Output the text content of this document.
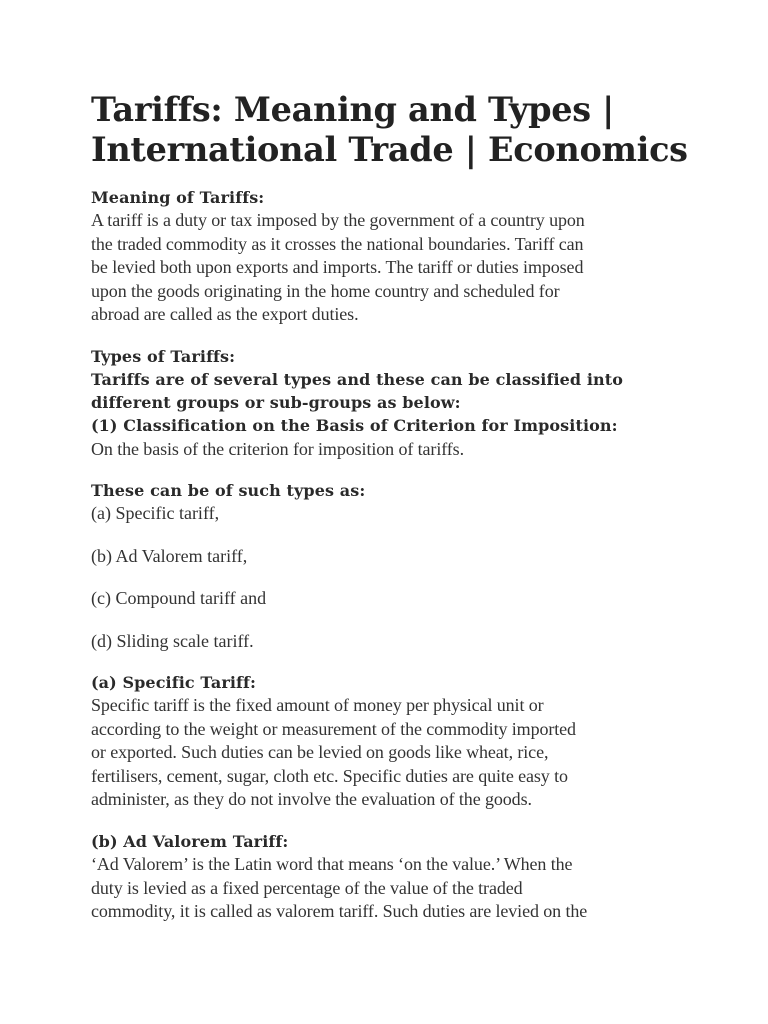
Tariffs: Meaning and Types |
International Trade | Economics
Meaning of Tariffs:
A tariff is a duty or tax imposed by the government of a country upon
the traded commodity as it crosses the national boundaries. Tariff can
be levied both upon exports and imports. The tariff or duties imposed
upon the goods originating in the home country and scheduled for
abroad are called as the export duties.
Types of Tariffs:
Tariffs are of several types and these can be classified into
different groups or sub-groups as below:
(1) Classification on the Basis of Criterion for Imposition:
On the basis of the criterion for imposition of tariffs.
These can be of such types as:

(a) Specific tariff,

(b) Ad Valorem tariff,

(c) Compound tariff and

(d) Sliding scale tariff.

(a) Specific Tariff:
Specific tariff is the fixed amount of money per physical unit or
according to the weight or measurement of the commodity imported
or exported. Such duties can be levied on goods like wheat, rice,
fertilisers, cement, sugar, cloth etc. Specific duties are quite easy to
administer, as they do not involve the evaluation of the goods.
(b) Ad Valorem Tariff:
‘Ad Valorem’ is the Latin word that means ‘on the value.’ When the
duty is levied as a fixed percentage of the value of the traded
commodity, it is called as valorem tariff. Such duties are levied on the
